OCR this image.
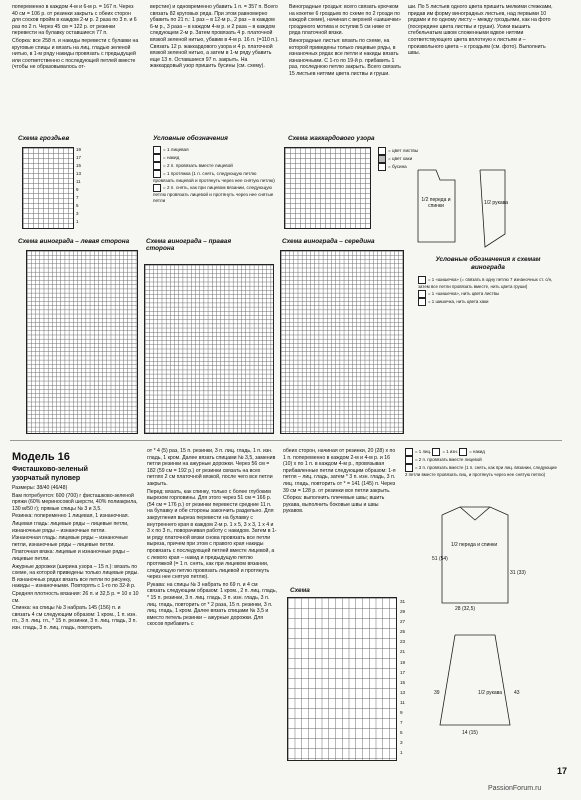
попеременно в каждом 4-м и 6-м р. = 167 п. Через 40 см = 106 р. от резинки закрыть с обеих сторон для сосков пройм в каждом 2-м р. 2 раза по 3 п. и 6 раз по 2 п. Через 45 см = 122 р. от резинки перевести на булавку оставшиеся 77 п.

Сборка: все 258 п. и накиды перевести с булавки на круговые спицы и вязать на лиц. гладью зеленой нитью, в 1-м ряду накиды провязать с предыдущей или соответственно с последующей петлей вместе (чтобы не образовывалось от-

верстие) и одновременно убавить 1 п. = 357 п. Всего связать 82 круговых ряда. При этом равномерно убавить по 21 п.: 1 раз – в 12-м р., 2 раз – в каждом 6-м р., 3 раза – в каждом 4-м р. и 2 раза – в каждом следующем 2-м р. Затем провязать 4 р. платочной вязкой зеленой нитью, убавив в 4-м р. 16 п. (=110 п.). Связать 12 р. жаккардового узора и 4 р. платочной вязкой зеленой нитью, а затем в 1-м ряду убавить еще 13 п. Оставшиеся 97 п. закрыть. На жаккардовый узор пришить бусины (см. схему).

Виноградные гроздья: всего связать крючком на кокетке 6 гроздьев по схеме по 2 грозди по каждой схеме), начиная с верхней «шишечки» гроздиного мотива и оступив 5 см ниже от ряда платочной вязки.

Виноградные листья: вязать по схеме, на которой приведены только лицевые ряды, в изнаночных рядах все петли и накиды вязать изнаночными. С 1-го по 19-й р. прибавить 1 раз, последнюю петлю закрыть. Всего связать 15 листьев нитями цвета листвы и груши.

ши. По 5 листьев одного цвета пришить мелкими стежками, придав им форму виноградных листьев, над первыми 10 рядами и по одному листу – между гроздьями, как на фото (посередине цвета листвы и груши). Усики вышить стебельчатым швом сложенными вдвое нитями соответствующего цвета вплотную к листьям и – произвольного цвета – к гроздьям (см. фото). Выполнить швы.

Схема гроздьев	Условные обозначения	Схема жаккардового узора
19
17
15
13
11
9
7
5
3
1
= 1 лицевая
= накид
= 2 п. провязать вместе лицевой
= 1 протяжка (1 п. снять, следующую петлю провязать лицевой и протянуть через нее снятую петлю)
= 2 п. снять, как при лицевом вязании, следующую петлю провязать лицевой и протянуть через нее снятые петли
= цвет листвы
= цвет хаки
= бусина
1/2 переда и спинки	1/2 рукава
Схема винограда – левая сторона	Схема винограда – правая сторона
Схема винограда – середина
Условные обозначения к схемам винограда
= 1 «шишечка» (= связать в одну петлю 7 изнаночных ст. с/н, затем все петли провязать вместе, нить цвета груши)
= 1 «шишечка», нить цвета листвы
= 1 шишечка, нить цвета хаки
Модель 16
Фисташково-зеленый узорчатый пуловер

Размеры: 38/40 (46/48)

Вам потребуется: 600 (700) г фисташково-зеленой пряжи (60% мериносовой шерсти, 40% полиакрила, 130 м/50 г); прямые спицы № 3 и 3,5.

Резинка: попеременно 1 лицевая, 1 изнаночная.

Лицевая гладь: лицевые ряды – лицевые петли, изнаночные ряды – изнаночные петли.

Изнаночная гладь: лицевые ряды – изнаночные петли, изнаночные ряды – лицевые петли.

Платочная вязка: лицевые и изнаночные ряды – лицевые петли.

Ажурные дорожки (ширина узора – 15 п.): вязать по схеме, на которой приведены только лицевые ряды. В изнаночных рядах вязать все петли по рисунку, накиды – изнаночными. Повторять с 1-го по 32-й р.

Средняя плотность вязания: 26 п. и 32,5 р. = 10 x 10 см.

Спинка: на спицы № 3 набрать 145 (156) п. и связать 4 см следующим образом: 1 кром., 1 п. изн. гл., 3 п. лиц. гл., * 15 п. резинки, 3 п. лиц. гладь, 3 п. изн. гладь, 3 п. лиц. гладь, повторить

от * 4 (5) раз, 15 п. резинки, 3 п. лиц. гладь, 1 п. изн. гладь, 1 кром. Далее вязать спицами № 3,5, заменив петли резинки на ажурные дорожки. Через 56 см = 182 (59 см = 192 р.) от резинки связать на всех петлях 2 см платочной вязкой, после чего все петли закрыть.

Перед: вязать, как спинку, только с более глубоким вырезом горловины. Для этого через 51 см = 166 р. (54 см = 176 р.) от резинки перевести средние 11 п. на булавку и обе стороны закончить раздельно. Для закругления выреза перевести на булавку с внутреннего края в каждом 2-м р. 1 x 5, 3 x 3, 1 x 4 и 3 x по 3 п., поворачивая работу с накидом. Затем в 1-м ряду платочной вязки снова провязать все петли выреза, причем при этом с правого края накиды провязать с последующей петлей вместе лицевой, а с левого края – накид и предыдущую петлю протяжкой (= 1 п. снять, как при лицевом вязании, следующую петлю провязать лицевой и протянуть через нее снятую петлю).

Рукава: на спицы № 3 набрать по 69 п. и 4 см связать следующим образом: 1 кром., 2 п. лиц. гладь, * 15 п. резинки, 3 п. лиц. гладь, 3 п. изн. гладь, 3 п. лиц. гладь, повторить от * 2 раза, 15 п. резинки, 3 п. лиц. гладь, 1 кром. Далее вязать спицами № 3,5 и вместо петель резинки – ажурные дорожки. Для скосов прибавить с

обеих сторон, начиная от резинки, 20 (28) x по 1 п. попеременно в каждом 2-м и 4-м р. и 16 (10) x по 1 п. в каждом 4-м р., провязывая прибавленные петли следующим образом: 1-я петля – лиц. гладь, затем * 3 п. изн. гладь, 3 п. лиц. гладь, повторить от * = 141 (145) п. Через 39 см = 128 р. от резинки все петли закрыть.

Сборка: выполнить плечевые швы; вшить рукава, выполнить боковые швы и швы рукавов.

= 1 лиц.	= 1 изн.	= накид
= 2 п. провязать вместе лицевой
= 3 п. провязать вместе (1 п. снять, как при лиц. вязании, следующие 2 петли вместе провязать лиц. и протянуть через нее снятую петлю)
Схема
31
29
27
25
23
21
19
17
15
13
11
9
7
5
3
1
1/2 переда и спинки
51 (54)
31 (33)
28 (32,5)
1/2 рукава
39	43
14 (15)
17
PassionForum.ru
